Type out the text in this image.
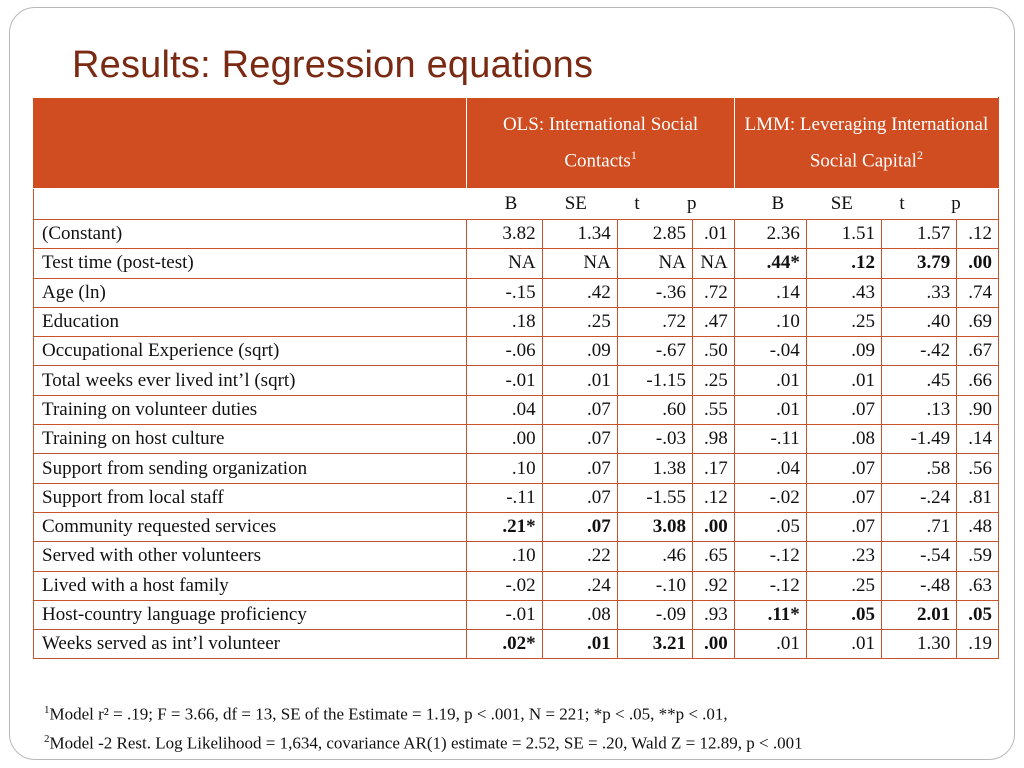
Results: Regression equations
	OLS: International Social Contacts$^1$				LMM: Leveraging International Social Capital$^2$

	B SE t p				B SE t p			

(Constant)	3.82	1.34	2.85	.01	2.36	1.51	1.57	.12
Test time (post-test)	NA	NA	NA	NA	.44*	.12	3.79	.00
Age (ln)	-.15	.42	-.36	.72	.14	.43	.33	.74
Education	.18	.25	.72	.47	.10	.25	.40	.69
Occupational Experience (sqrt)	-.06	.09	-.67	.50	-.04	.09	-.42	.67
Total weeks ever lived int’l (sqrt)	-.01	.01	-1.15	.25	.01	.01	.45	.66
Training on volunteer duties	.04	.07	.60	.55	.01	.07	.13	.90
Training on host culture	.00	.07	-.03	.98	-.11	.08	-1.49	.14
Support from sending organization	.10	.07	1.38	.17	.04	.07	.58	.56
Support from local staff	-.11	.07	-1.55	.12	-.02	.07	-.24	.81
Community requested services	.21*	.07	3.08	.00	.05	.07	.71	.48
Served with other volunteers	.10	.22	.46	.65	-.12	.23	-.54	.59
Lived with a host family	-.02	.24	-.10	.92	-.12	.25	-.48	.63
Host-country language proficiency	-.01	.08	-.09	.93	.11*	.05	2.01	.05
Weeks served as int’l volunteer	.02*	.01	3.21	.00	.01	.01	1.30	.19
$^1$Model r² = .19; F = 3.66, df = 13, SE of the Estimate = 1.19, p < .001, N = 221; *p < .05, **p < .01,
$^2$Model -2 Rest. Log Likelihood = 1,634, covariance AR(1) estimate = 2.52, SE = .20, Wald Z = 12.89, p < .001
